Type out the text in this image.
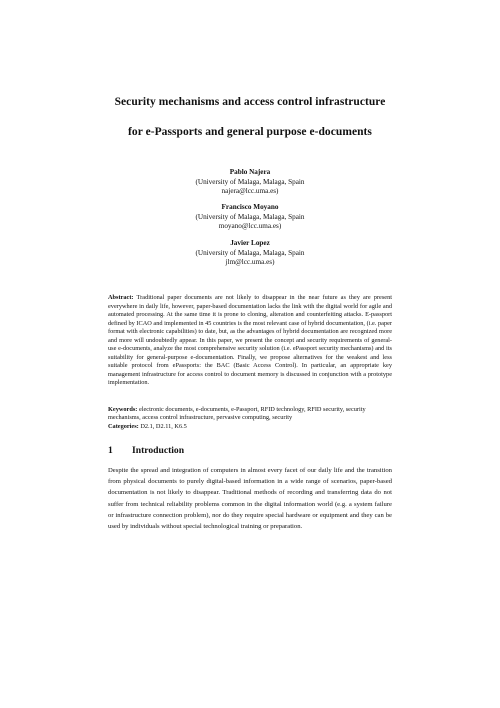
Security mechanisms and access control infrastructure
for e-Passports and general purpose e-documents
Pablo Najera
(University of Malaga, Malaga, Spain
najera@lcc.uma.es)
Francisco Moyano
(University of Malaga, Malaga, Spain
moyano@lcc.uma.es)
Javier Lopez
(University of Malaga, Malaga, Spain
jlm@lcc.uma.es)

Abstract: Traditional paper documents are not likely to disappear in the near future as they are present everywhere in daily life, however, paper-based documentation lacks the link with the digital world for agile and automated processing. At the same time it is prone to cloning, alteration and counterfeiting attacks. E-passport defined by ICAO and implemented in 45 countries is the most relevant case of hybrid documentation, (i.e. paper format with electronic capabilities) to date, but, as the advantages of hybrid documentation are recognized more and more will undoubtedly appear. In this paper, we present the concept and security requirements of general-use e-documents, analyze the most comprehensive security solution (i.e. ePassport security mechanisms) and its suitability for general-purpose e-documentation. Finally, we propose alternatives for the weakest and less suitable protocol from ePassports: the BAC (Basic Access Control). In particular, an appropriate key management infrastructure for access control to document memory is discussed in conjunction with a prototype implementation.

Keywords: electronic documents, e-documents, e-Passport, RFID technology, RFID security, security mechanisms, access control infrastructure, pervasive computing, security
Categories: D2.1, D2.11, K6.5

1 Introduction

Despite the spread and integration of computers in almost every facet of our daily life and the transition from physical documents to purely digital-based information in a wide range of scenarios, paper-based documentation is not likely to disappear. Traditional methods of recording and transferring data do not suffer from technical reliability problems common in the digital information world (e.g. a system failure or infrastructure connection problem), nor do they require special hardware or equipment and they can be used by individuals without special technological training or preparation.
